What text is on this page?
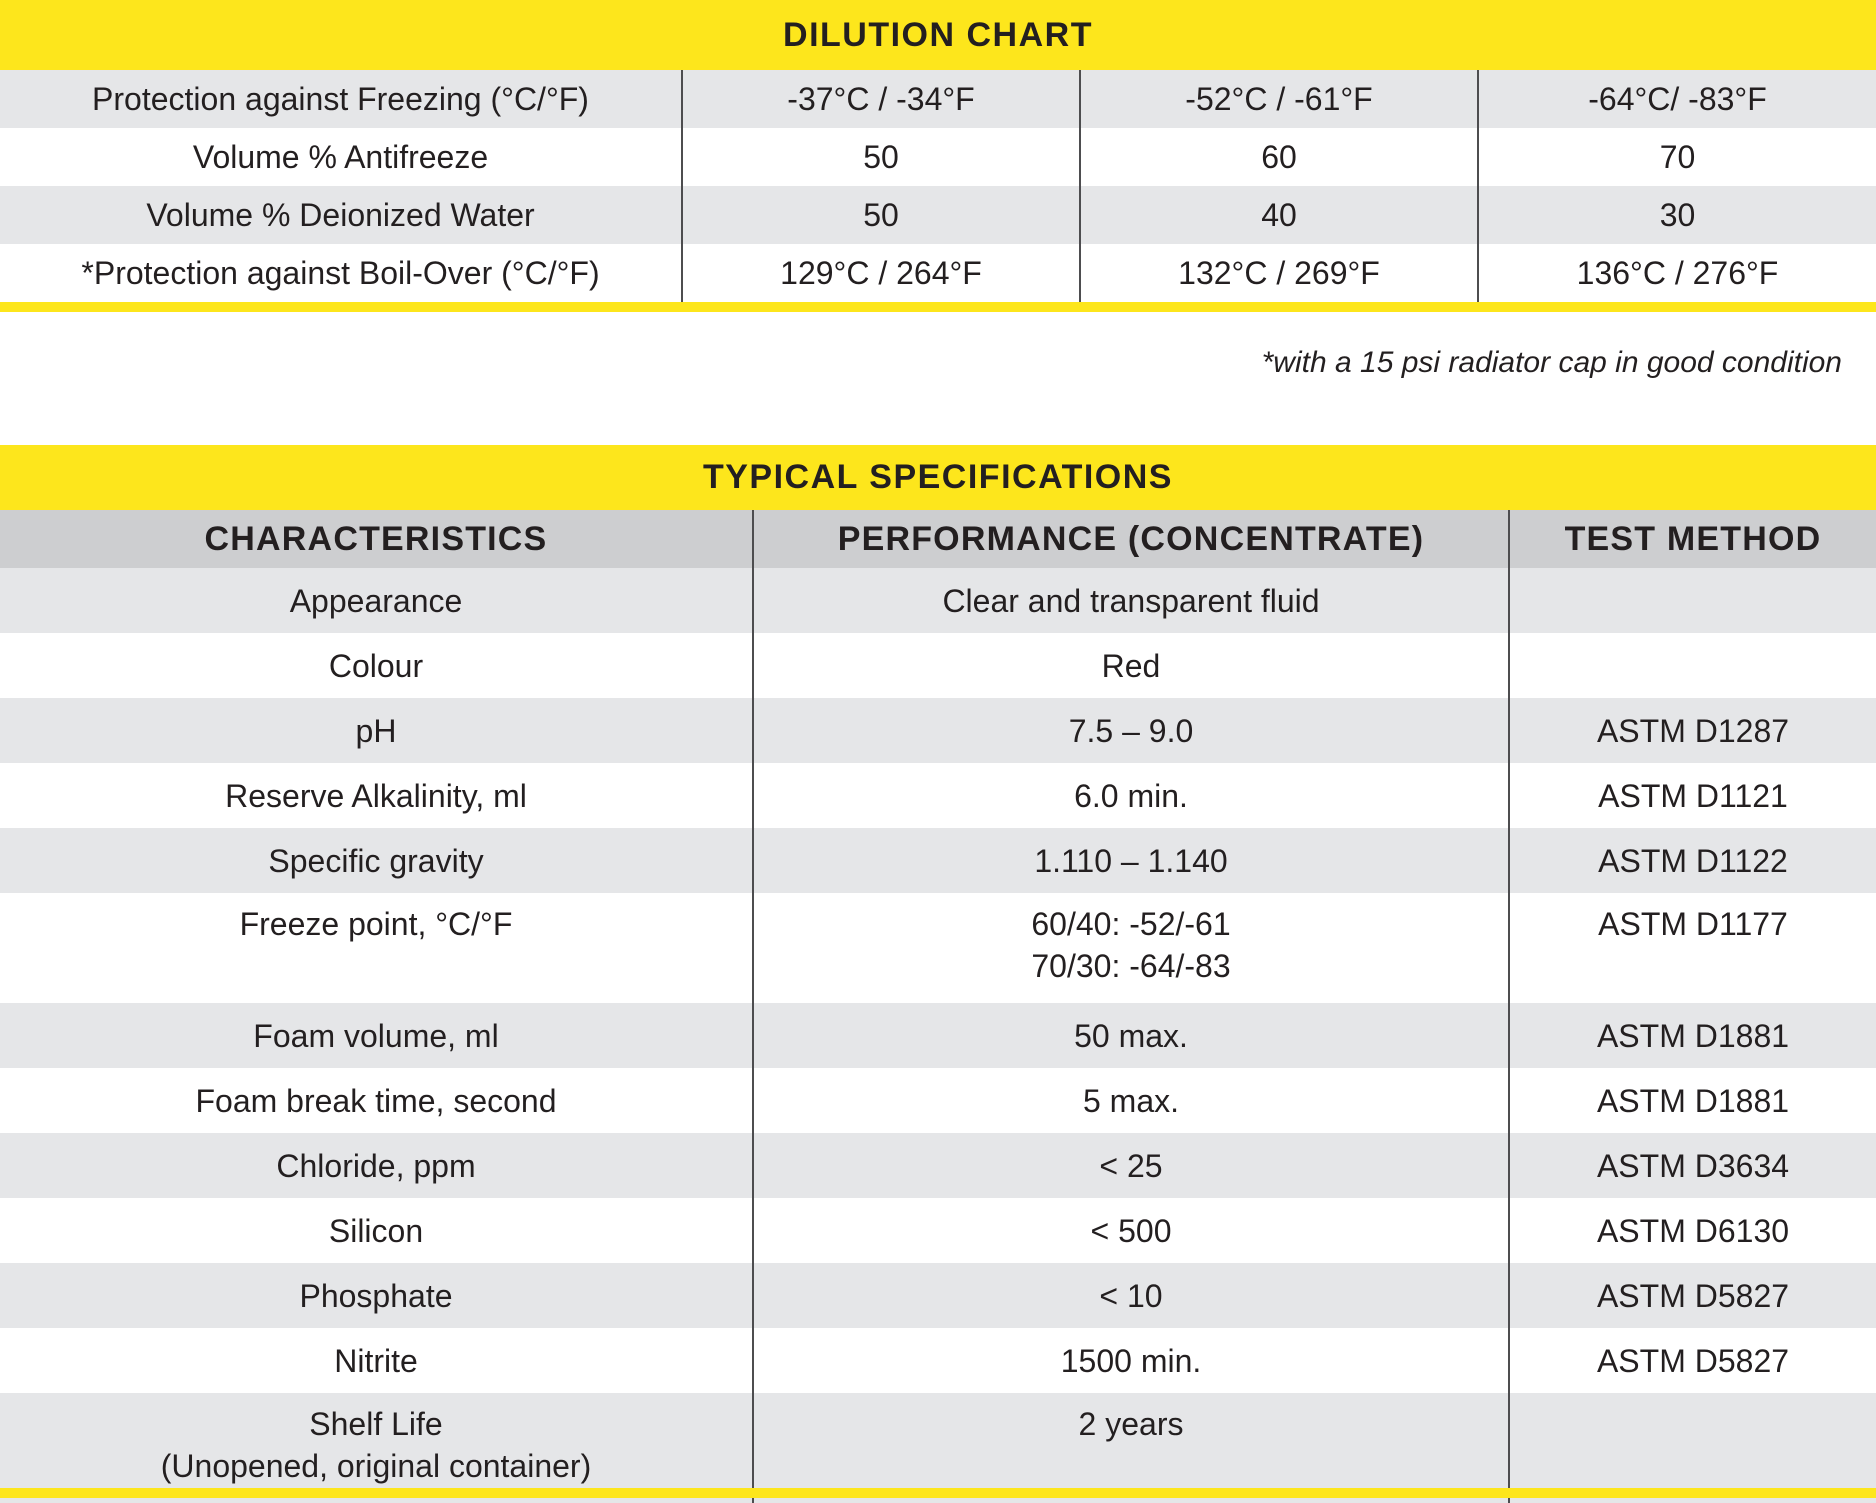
DILUTION CHART
Protection against Freezing (°C/°F)	-37°C / -34°F	-52°C / -61°F	-64°C/ -83°F
Volume % Antifreeze	50	60	70
Volume % Deionized Water	50	40	30
*Protection against Boil-Over (°C/°F)	129°C / 264°F	132°C / 269°F	136°C / 276°F
*with a 15 psi radiator cap in good condition
TYPICAL SPECIFICATIONS
CHARACTERISTICS	PERFORMANCE (CONCENTRATE)	TEST METHOD
Appearance	Clear and transparent fluid	
Colour	Red	
pH	7.5 – 9.0	ASTM D1287
Reserve Alkalinity, ml	6.0 min.	ASTM D1121
Specific gravity	1.110 – 1.140	ASTM D1122
Freeze point, °C/°F	60/40: -52/-61
70/30: -64/-83	ASTM D1177
Foam volume, ml	50 max.	ASTM D1881
Foam break time, second	5 max.	ASTM D1881
Chloride, ppm	< 25	ASTM D3634
Silicon	< 500	ASTM D6130
Phosphate	< 10	ASTM D5827
Nitrite	1500 min.	ASTM D5827

Shelf Life
(Unopened, original container)	2 years	
